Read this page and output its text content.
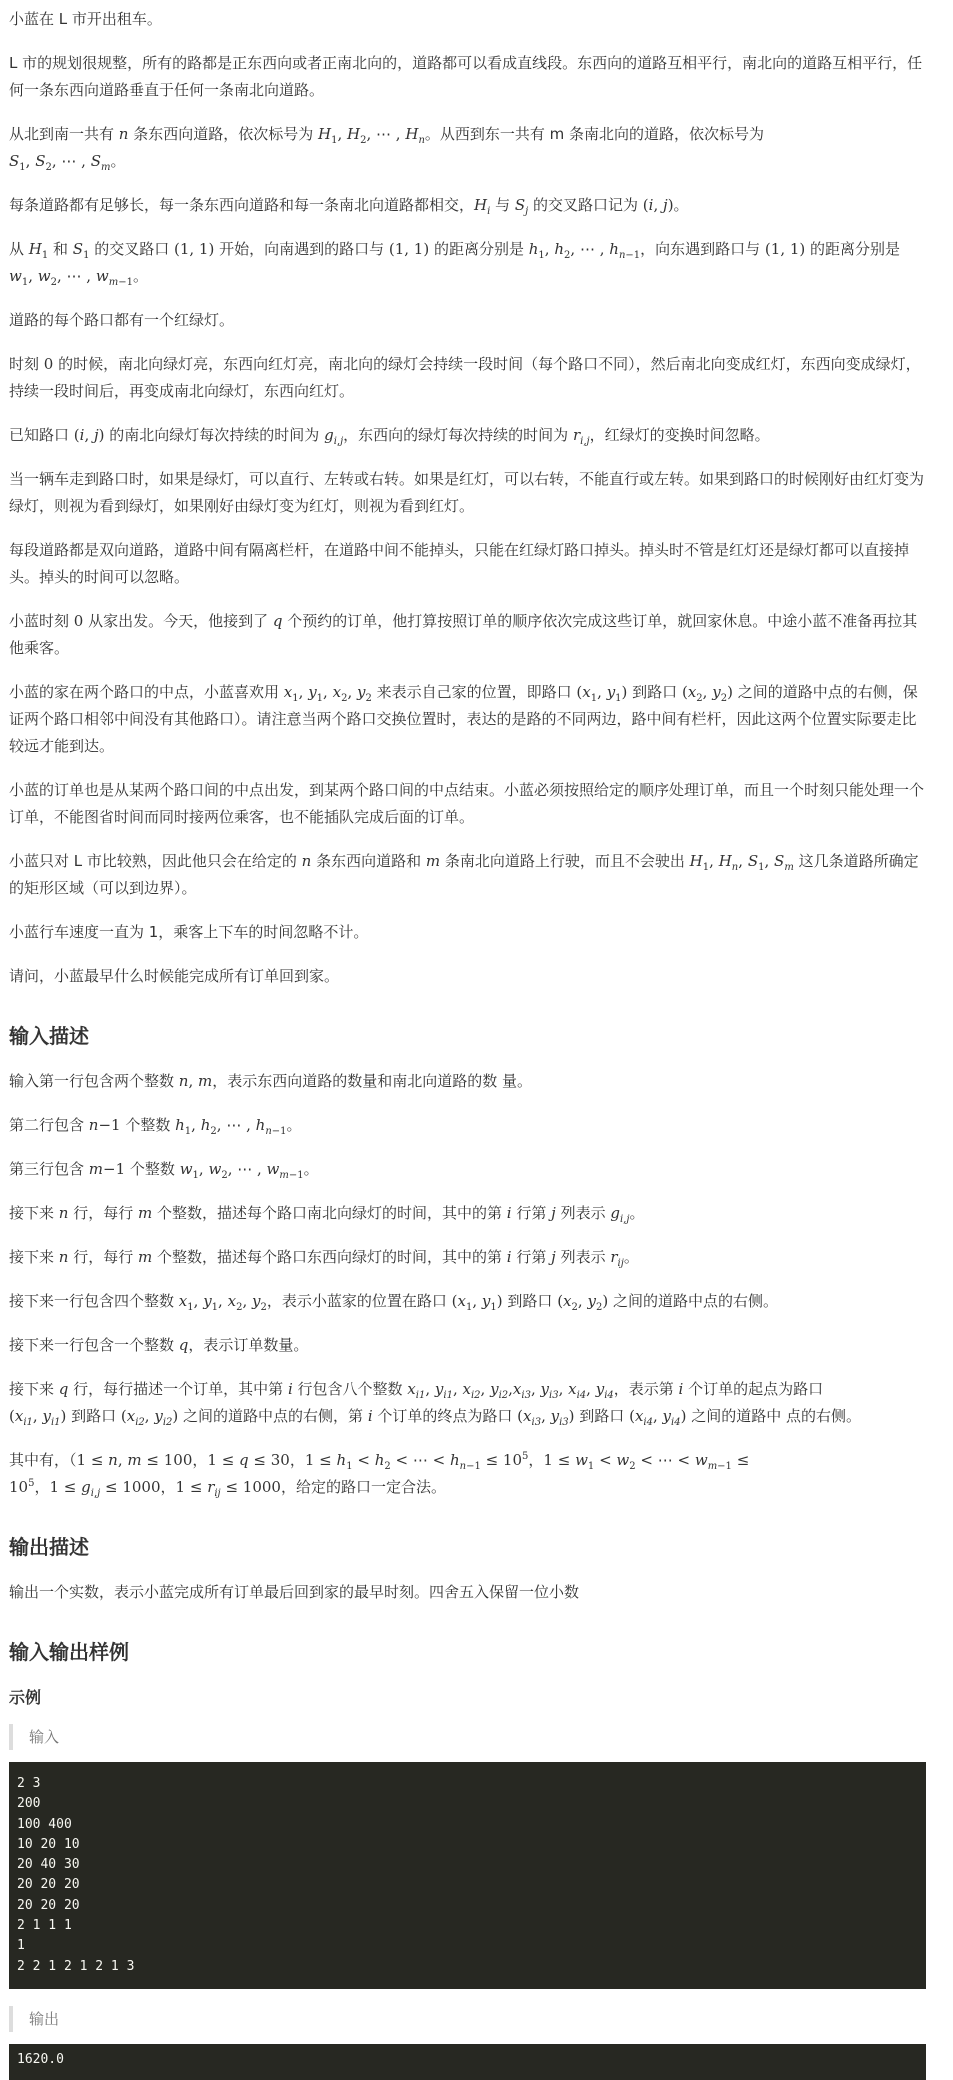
小蓝在 L 市开出租车。

L 市的规划很规整，所有的路都是正东西向或者正南北向的，道路都可以看成直线段。东西向的道路互相平行，南北向的道路互相平行，任何一条东西向道路垂直于任何一条南北向道路。

从北到南一共有 n 条东西向道路，依次标号为 $H_1$, $H_2$, ⋯ , $H_n$。从西到东一共有 m 条南北向的道路，依次标号为
$S_1$, $S_2$, ⋯ , $S_m$。

每条道路都有足够长，每一条东西向道路和每一条南北向道路都相交，$H_i$ 与 $S_j$ 的交叉路口记为 (i, j)。

从 $H_1$ 和 $S_1$ 的交叉路口 (1, 1) 开始，向南遇到的路口与 (1, 1) 的距离分别是 $h_1$, $h_2$, ⋯ , $h_{n-1}$，向东遇到路口与 (1, 1) 的距离分别是 $w_1$, $w_2$, ⋯ , $w_{m-1}$。

道路的每个路口都有一个红绿灯。

时刻 0 的时候，南北向绿灯亮，东西向红灯亮，南北向的绿灯会持续一段时间（每个路口不同），然后南北向变成红灯，东西向变成绿灯，持续一段时间后，再变成南北向绿灯，东西向红灯。

已知路口 (i, j) 的南北向绿灯每次持续的时间为 $g_{i,j}$，东西向的绿灯每次持续的时间为 $r_{i,j}$，红绿灯的变换时间忽略。

当一辆车走到路口时，如果是绿灯，可以直行、左转或右转。如果是红灯，可以右转，不能直行或左转。如果到路口的时候刚好由红灯变为绿灯，则视为看到绿灯，如果刚好由绿灯变为红灯，则视为看到红灯。

每段道路都是双向道路，道路中间有隔离栏杆，在道路中间不能掉头，只能在红绿灯路口掉头。掉头时不管是红灯还是绿灯都可以直接掉头。掉头的时间可以忽略。

小蓝时刻 0 从家出发。今天，他接到了 q 个预约的订单，他打算按照订单的顺序依次完成这些订单，就回家休息。中途小蓝不准备再拉其他乘客。

小蓝的家在两个路口的中点，小蓝喜欢用 $x_1$, $y_1$, $x_2$, $y_2$ 来表示自己家的位置，即路口 ($x_1$, $y_1$) 到路口 ($x_2$, $y_2$) 之间的道路中点的右侧，保证两个路口相邻中间没有其他路口）。请注意当两个路口交换位置时，表达的是路的不同两边，路中间有栏杆，因此这两个位置实际要走比较远才能到达。

小蓝的订单也是从某两个路口间的中点出发，到某两个路口间的中点结束。小蓝必须按照给定的顺序处理订单，而且一个时刻只能处理一个订单，不能图省时间而同时接两位乘客，也不能插队完成后面的订单。

小蓝只对 L 市比较熟，因此他只会在给定的 n 条东西向道路和 m 条南北向道路上行驶，而且不会驶出 $H_1$, $H_n$, $S_1$, $S_m$ 这几条道路所确定的矩形区域（可以到边界）。

小蓝行车速度一直为 1，乘客上下车的时间忽略不计。

请问，小蓝最早什么时候能完成所有订单回到家。

输入描述

输入第一行包含两个整数 n, m，表示东西向道路的数量和南北向道路的数 量。

第二行包含 n−1 个整数 $h_1$, $h_2$, ⋯ , $h_{n-1}$。

第三行包含 m−1 个整数 $w_1$, $w_2$, ⋯ , $w_{m-1}$。

接下来 n 行，每行 m 个整数，描述每个路口南北向绿灯的时间，其中的第 i 行第 j 列表示 $g_{i,j}$。

接下来 n 行，每行 m 个整数，描述每个路口东西向绿灯的时间，其中的第 i 行第 j 列表示 $r_{ij}$。

接下来一行包含四个整数 $x_1$, $y_1$, $x_2$, $y_2$，表示小蓝家的位置在路口 ($x_1$, $y_1$) 到路口 ($x_2$, $y_2$) 之间的道路中点的右侧。

接下来一行包含一个整数 q，表示订单数量。

接下来 q 行，每行描述一个订单，其中第 i 行包含八个整数 $x_{i1}$, $y_{i1}$, $x_{i2}$, $y_{i2},x_{i3}$, $y_{i3}$, $x_{i4}$, $y_{i4}$，表示第 i 个订单的起点为路口
($x_{i1}$, $y_{i1}$) 到路口 ($x_{i2}$, $y_{i2}$) 之间的道路中点的右侧，第 i 个订单的终点为路口 ($x_{i3}$, $y_{i3}$) 到路口 ($x_{i4}$, $y_{i4}$) 之间的道路中 点的右侧。

其中有，（1 ≤ n, m ≤ 100，1 ≤ q ≤ 30，$1 \le h_1 < h_2$ < ⋯ < $h_{n-1} \le 10^5$，$1 \le w_1 < w_2$ < ⋯ < $w_{m-1}$ ≤
$10^5$，$1 \le g_{i,j} \le 1000$，$1 \le r_{ij} \le 1000$，给定的路口一定合法。

输出描述

输出一个实数，表示小蓝完成所有订单最后回到家的最早时刻。四舍五入保留一位小数

输入输出样例
示例
输入
2 3
200
100 400
10 20 10
20 40 30
20 20 20
20 20 20
2 1 1 1
1
2 2 1 2 1 2 1 3
输出
1620.0
